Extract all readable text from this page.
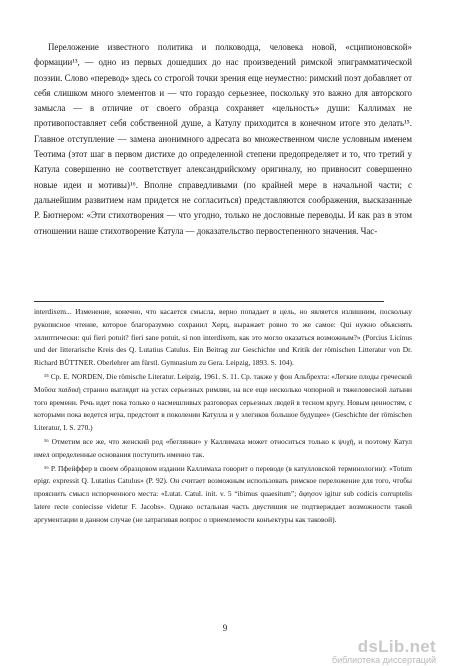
Переложение известного политика и полководца, человека новой, «сципионовской» формации¹³, — одно из первых дошедших до нас произведений римской эпиграмматической поэзии. Слово «перевод» здесь со строгой точки зрения еще неуместно: римский поэт добавляет от себя слишком много элементов и — что гораздо серьезнее, поскольку это важно для авторского замысла — в отличие от своего образца сохраняет «цельность» души: Каллимах не противопоставляет себя собственной душе, а Катулу приходится в конечном итоге это делать¹⁵. Главное отступление — замена анонимного адресата во множественном числе условным именем Теотима (этот шаг в первом дистихе до определенной степени предопределяет и то, что третий у Катула совершенно не соответствует александрийскому оригиналу, но привносит совершенно новые идеи и мотивы)¹⁶. Вполне справедливыми (по крайней мере в начальной части; с дальнейшим развитием нам придется не согласиться) представляются соображения, высказанные Р. Бютнером: «Эти стихотворения — что угодно, только не дословные переводы. И как раз в этом отношении наше стихотворение Катула — доказательство первостепенного значения. Час-

interdixem... Изменение, конечно, что касается смысла, верно попадает в цель, но является излишним, поскольку рукописное чтение, которое благоразумно сохранил Херц, выражает ровно то же самое: Qui нужно объяснять эллиптически: qui fieri potuit? fieri sane potuit, si non interdixem, как это могло оказаться возможным?» (Porcius Licinus und der litterarische Kreis des Q. Lutatius Catulus. Ein Beitrag zur Geschichte und Kritik der römischen Litteratur von Dr. Richard BÜTTNER. Oberlehrer am fürstl. Gymnasium zu Gera. Leipzig, 1893. S. 104).

¹⁵ Ср. E. NORDEN, Die römische Literatur. Leipzig, 1961. S. 11. Ср. также у фон Альбрехта: «Легкие плоды греческой Μοῦσα παιδική странно выглядят на устах серьезных римлян, на все еще несколько чопорной и тяжеловесной латыни того времени. Речь идет пока только о насмешливых разговорах серьезных людей в тесном кругу. Новым ценностям, с которыми пока ведется игра, предстоит в поколении Катулла и у элегиков большое будущее» (Geschichte der römischen Literatur, I. S. 270.)

¹⁶ Отметим все же, что женский род «беглянки» у Каллимаха может относиться только к ψυχή, и поэтому Катул имел определенные основания поступить именно так.

¹⁶ Р. Пфейффер в своем образцовом издании Каллимаха говорит о переводе (в катулловской терминологии): «Totum epigr. expressit Q. Lutatius Catulus» (P. 92). Он считает возможным использовать римское переложение для того, чтобы прояснить смысл испорченного места: «Lutat. Catul. init. v. 5 “ibimus quaesitum”; ἄφησον igitur sub codicis corruptelis latere recte coniecisse videtur F. Jacobs». Однако остальная часть двустишия не подтверждает возможности такой аргументации в данном случае (не затрагивая вопрос о приемлемости конъектуры как таковой).

9
dsLib.net
библиотека диссертаций
